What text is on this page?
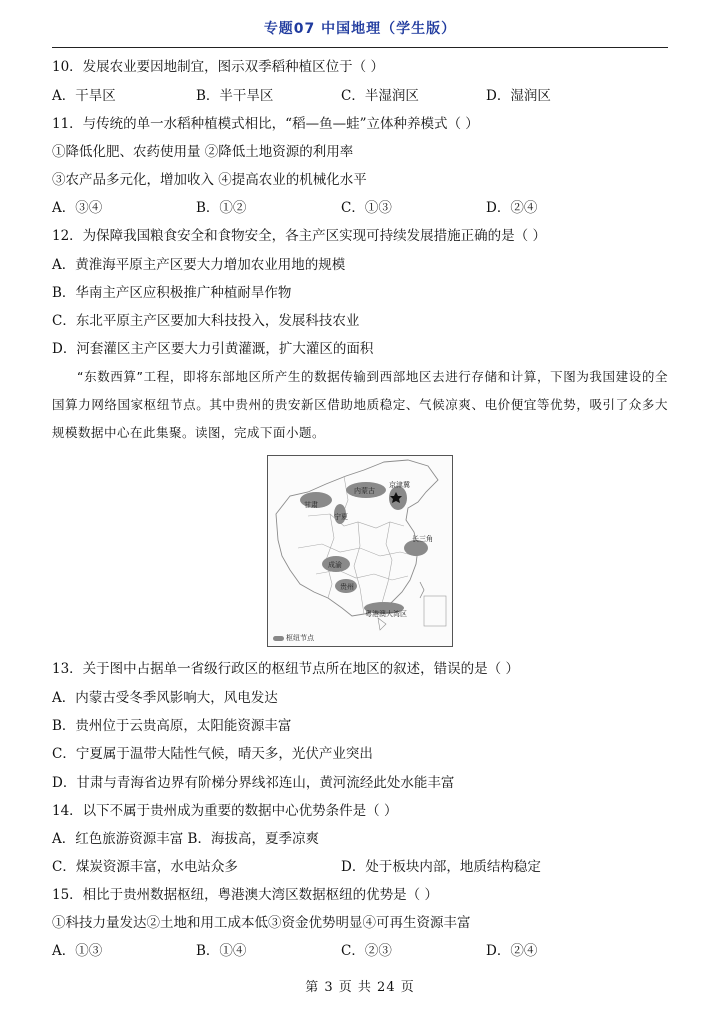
专题07 中国地理（学生版）
10．发展农业要因地制宜，图示双季稻种植区位于（ ）
A．干旱区	B．半干旱区	C．半湿润区	D．湿润区
11．与传统的单一水稻种植模式相比，“稻—鱼—蛙”立体种养模式（ ）
①降低化肥、农药使用量 ②降低土地资源的利用率
③农产品多元化，增加收入 ④提高农业的机械化水平
A．③④	B．①②	C．①③	D．②④
12．为保障我国粮食安全和食物安全，各主产区实现可持续发展措施正确的是（ ）
A．黄淮海平原主产区要大力增加农业用地的规模
B．华南主产区应积极推广种植耐旱作物
C．东北平原主产区要加大科技投入，发展科技农业
D．河套灌区主产区要大力引黄灌溉，扩大灌区的面积
“东数西算”工程，即将东部地区所产生的数据传输到西部地区去进行存储和计算，下图为我国建设的全国算力网络国家枢纽节点。其中贵州的贵安新区借助地质稳定、气候凉爽、电价便宜等优势，吸引了众多大规模数据中心在此集聚。读图，完成下面小题。
甘肃
宁夏
内蒙古
京津冀
长三角
成渝
贵州
粤港澳大湾区
枢纽节点
13．关于图中占据单一省级行政区的枢纽节点所在地区的叙述，错误的是（ ）
A．内蒙古受冬季风影响大，风电发达
B．贵州位于云贵高原，太阳能资源丰富
C．宁夏属于温带大陆性气候，晴天多，光伏产业突出
D．甘肃与青海省边界有阶梯分界线祁连山，黄河流经此处水能丰富
14．以下不属于贵州成为重要的数据中心优势条件是（ ）
A．红色旅游资源丰富 B．海拔高，夏季凉爽
C．煤炭资源丰富，水电站众多	D．处于板块内部，地质结构稳定
15．相比于贵州数据枢纽，粤港澳大湾区数据枢纽的优势是（ ）
①科技力量发达②土地和用工成本低③资金优势明显④可再生资源丰富
A．①③	B．①④	C．②③	D．②④
第 3 页 共 24 页
